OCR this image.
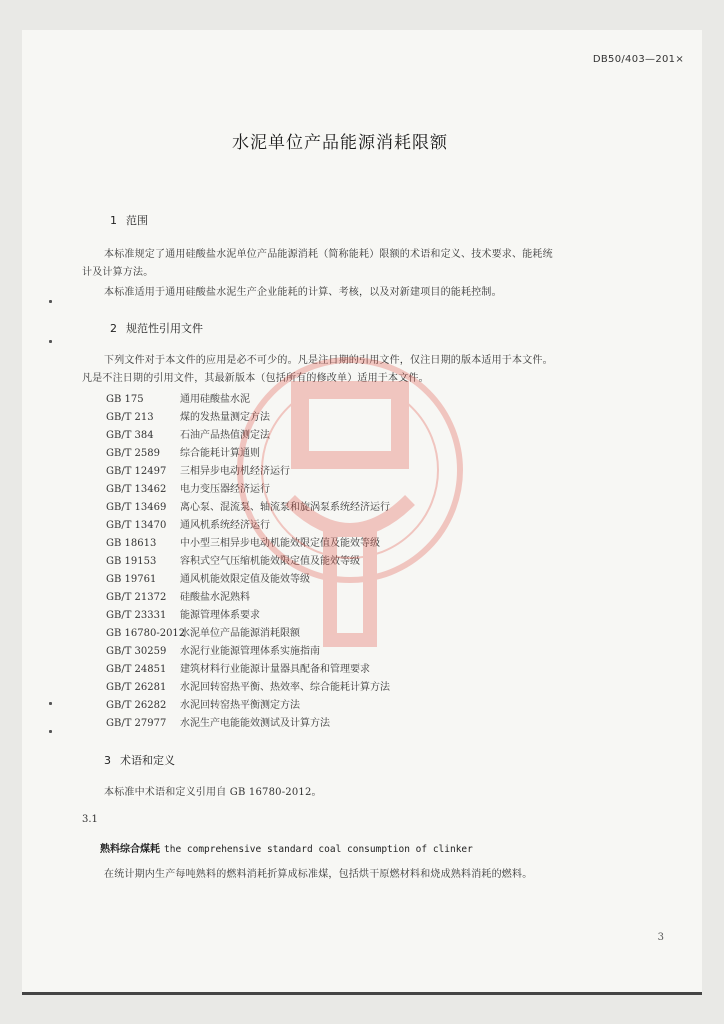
DB50/403—201×
水泥单位产品能源消耗限额
1 范围
本标准规定了通用硅酸盐水泥单位产品能源消耗（简称能耗）限额的术语和定义、技术要求、能耗统计及计算方法。
本标准适用于通用硅酸盐水泥生产企业能耗的计算、考核，以及对新建项目的能耗控制。
2 规范性引用文件
下列文件对于本文件的应用是必不可少的。凡是注日期的引用文件，仅注日期的版本适用于本文件。凡是不注日期的引用文件，其最新版本（包括所有的修改单）适用于本文件。
GB 175	通用硅酸盐水泥
GB/T 213	煤的发热量测定方法
GB/T 384	石油产品热值测定法
GB/T 2589 综合能耗计算通则
GB/T 12497 三相异步电动机经济运行
GB/T 13462 电力变压器经济运行
GB/T 13469 离心泵、混流泵、轴流泵和旋涡泵系统经济运行
GB/T 13470 通风机系统经济运行
GB 18613 中小型三相异步电动机能效限定值及能效等级
GB 19153 容积式空气压缩机能效限定值及能效等级
GB 19761 通风机能效限定值及能效等级
GB/T 21372 硅酸盐水泥熟料
GB/T 23331 能源管理体系要求
GB 16780-2012水泥单位产品能源消耗限额
GB/T 30259 水泥行业能源管理体系实施指南
GB/T 24851 建筑材料行业能源计量器具配备和管理要求
GB/T 26281 水泥回转窑热平衡、热效率、综合能耗计算方法
GB/T 26282 水泥回转窑热平衡测定方法
GB/T 27977 水泥生产电能能效测试及计算方法
3 术语和定义
本标准中术语和定义引用自 GB 16780-2012。
3.1
熟料综合煤耗 the comprehensive standard coal consumption of clinker
在统计期内生产每吨熟料的燃料消耗折算成标准煤，包括烘干原燃材料和烧成熟料消耗的燃料。
3
